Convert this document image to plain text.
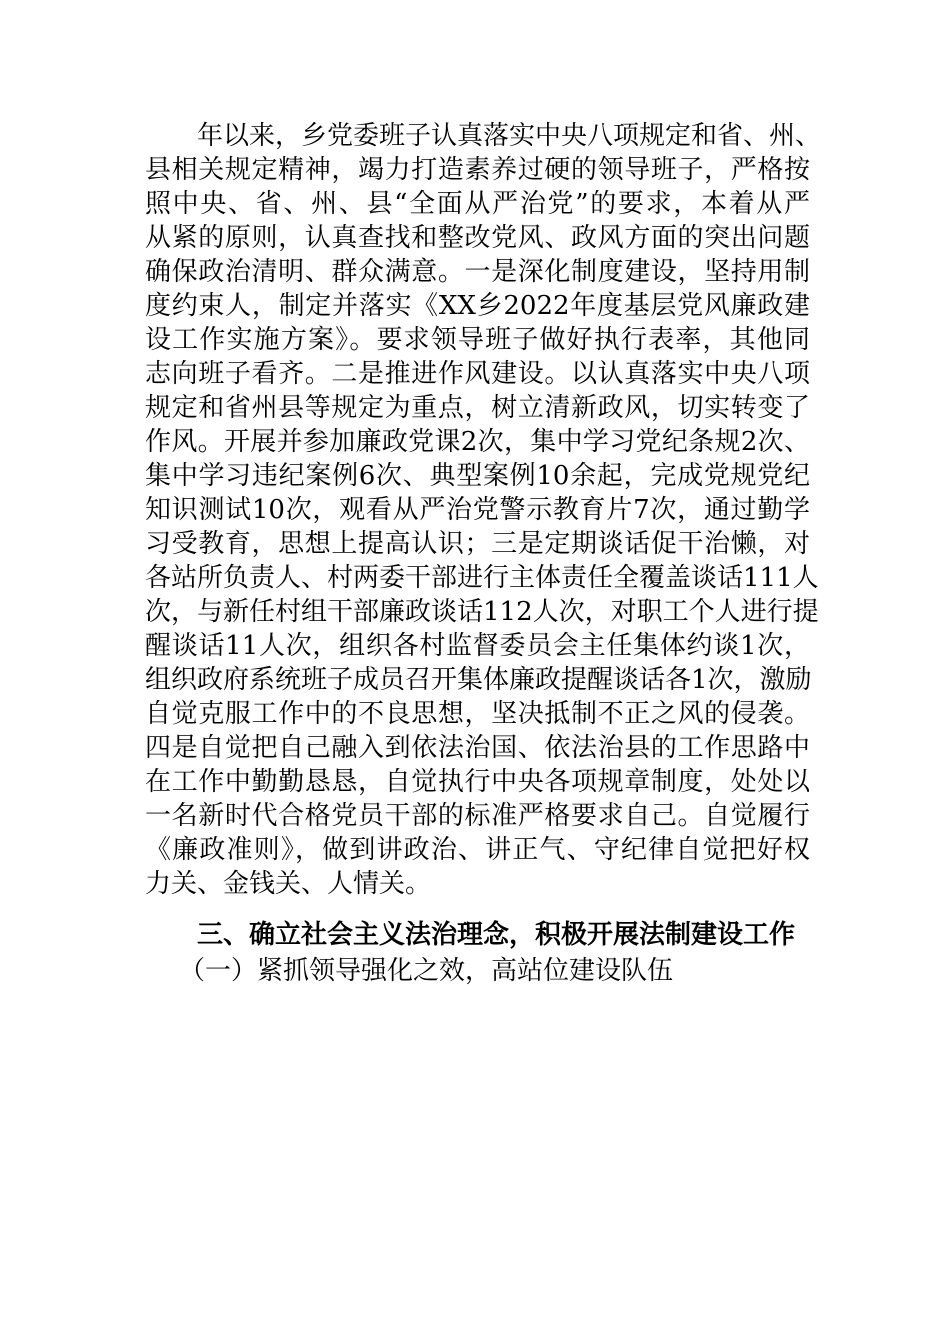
年以来，乡党委班子认真落实中央八项规定和省、州、
县相关规定精神，竭力打造素养过硬的领导班子，严格按
照中央、省、州、县“全面从严治党”的要求，本着从严
从紧的原则，认真查找和整改党风、政风方面的突出问题
确保政治清明、群众满意。一是深化制度建设，坚持用制
度约束人，制定并落实《XX乡2022年度基层党风廉政建
设工作实施方案》。要求领导班子做好执行表率，其他同
志向班子看齐。二是推进作风建设。以认真落实中央八项
规定和省州县等规定为重点，树立清新政风，切实转变了
作风。开展并参加廉政党课2次，集中学习党纪条规2次、
集中学习违纪案例6次、典型案例10余起，完成党规党纪
知识测试10次，观看从严治党警示教育片7次，通过勤学
习受教育，思想上提高认识；三是定期谈话促干治懒，对
各站所负责人、村两委干部进行主体责任全覆盖谈话111人
次，与新任村组干部廉政谈话112人次，对职工个人进行提
醒谈话11人次，组织各村监督委员会主任集体约谈1次，
组织政府系统班子成员召开集体廉政提醒谈话各1次，激励
自觉克服工作中的不良思想，坚决抵制不正之风的侵袭。
四是自觉把自己融入到依法治国、依法治县的工作思路中
在工作中勤勤恳恳，自觉执行中央各项规章制度，处处以
一名新时代合格党员干部的标准严格要求自己。自觉履行
《廉政准则》，做到讲政治、讲正气、守纪律自觉把好权
力关、金钱关、人情关。
三、确立社会主义法治理念，积极开展法制建设工作
（一）紧抓领导强化之效，高站位建设队伍
